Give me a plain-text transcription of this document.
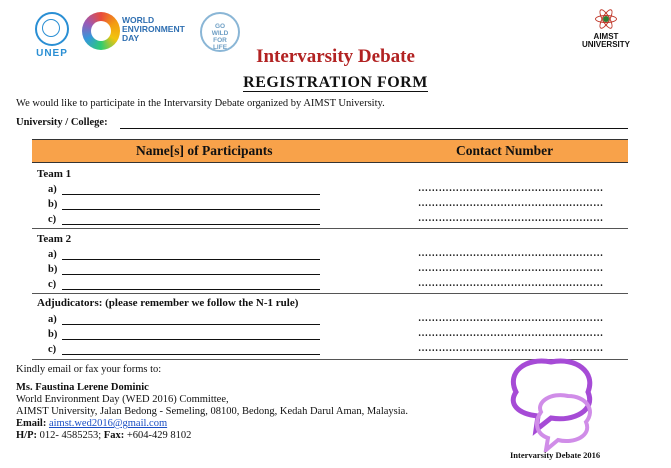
UNEP
WORLD
ENVIRONMENT
DAY
GO
WILD
FOR
LIFE
AIMST
UNIVERSITY
Intervarsity Debate
REGISTRATION FORM
We would like to participate in the Intervarsity Debate organized by AIMST University.
University / College:
Name[s] of Participants	Contact Number
Team 1
a)	………………………………………………
b)	………………………………………………
c)	………………………………………………
Team 2
a)	………………………………………………
b)	………………………………………………
c)	………………………………………………
Adjudicators: (please remember we follow the N-1 rule)
a)	………………………………………………
b)	………………………………………………
c)	………………………………………………
Kindly email or fax your forms to:
Ms. Faustina Lerene Dominic
World Environment Day (WED 2016) Committee,
AIMST University, Jalan Bedong - Semeling, 08100, Bedong, Kedah Darul Aman, Malaysia.
Email: aimst.wed2016@gmail.com
H/P: 012- 4585253; Fax: +604-429 8102
Intervarsity Debate 2016
